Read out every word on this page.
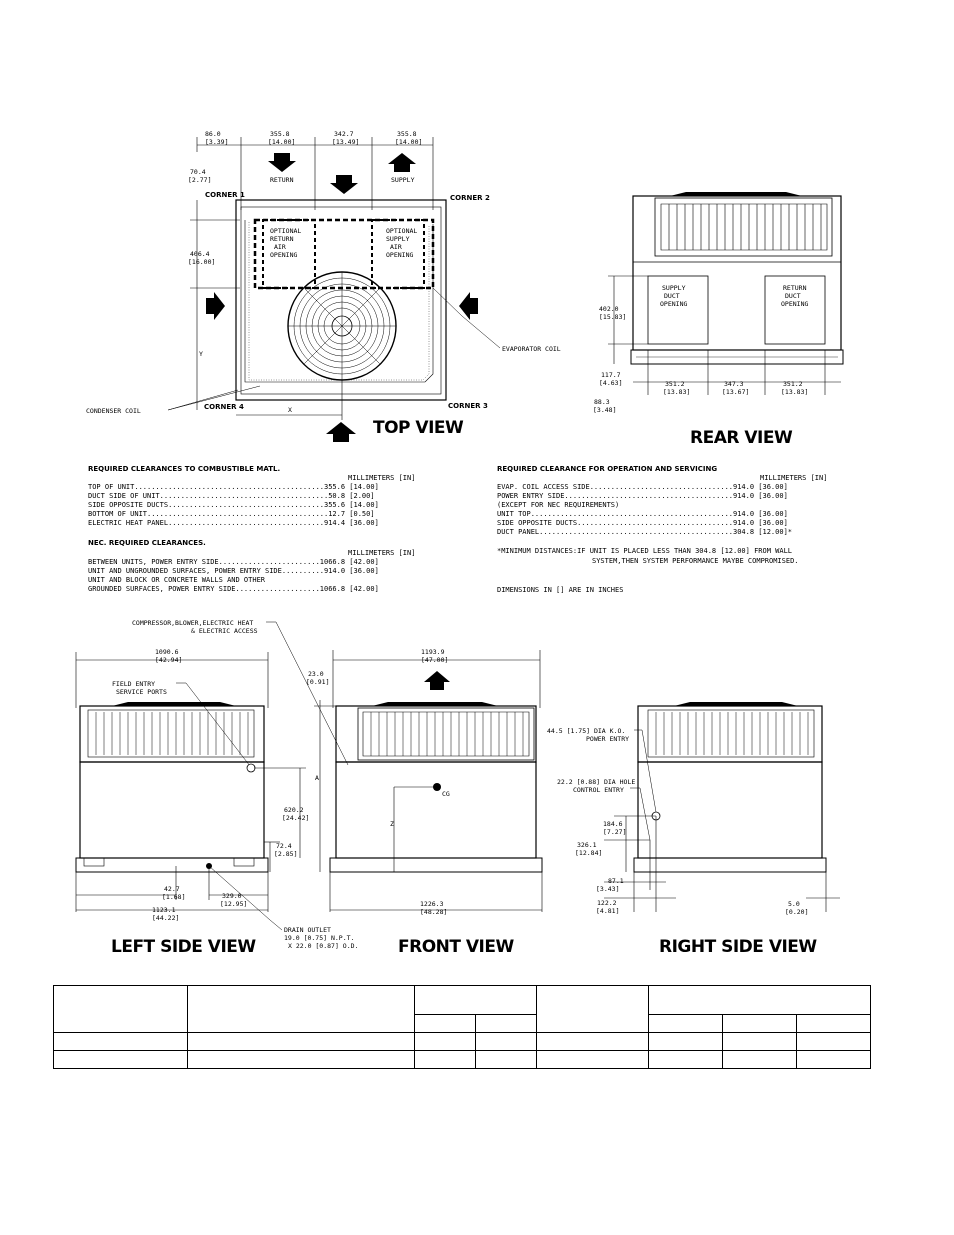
86.0
[3.39]
355.8
[14.00]
342.7
[13.49]
355.8
[14.00]
RETURN	SUPPLY
70.4
[2.77]
CORNER 1	CORNER 2
CORNER 3
CORNER 4
OPTIONAL
RETURN
AIR
OPENING
OPTIONAL
SUPPLY
AIR
OPENING
406.4
[16.00]
Y
X
EVAPORATOR COIL
CONDENSER COIL
TOP VIEW
SUPPLY
DUCT
OPENING
RETURN
DUCT
OPENING
402.0
[15.83]
117.7
[4.63]
88.3
[3.48]
351.2
[13.83]
347.3
[13.67]
351.2
[13.83]
REAR VIEW
REQUIRED CLEARANCES TO COMBUSTIBLE MATL.
MILLIMETERS [IN]
TOP OF UNIT.............................................355.6 [14.00]
DUCT SIDE OF UNIT........................................50.8 [2.00]
SIDE OPPOSITE DUCTS.....................................355.6 [14.00]
BOTTOM OF UNIT...........................................12.7 [0.50]
ELECTRIC HEAT PANEL.....................................914.4 [36.00]
NEC. REQUIRED CLEARANCES.
MILLIMETERS [IN]
BETWEEN UNITS, POWER ENTRY SIDE........................1066.8 [42.00]
UNIT AND UNGROUNDED SURFACES, POWER ENTRY SIDE..........914.0 [36.00]
UNIT AND BLOCK OR CONCRETE WALLS AND OTHER
GROUNDED SURFACES, POWER ENTRY SIDE....................1066.8 [42.00]
REQUIRED CLEARANCE FOR OPERATION AND SERVICING
MILLIMETERS [IN]
EVAP. COIL ACCESS SIDE..................................914.0 [36.00]
POWER ENTRY SIDE........................................914.0 [36.00]
(EXCEPT FOR NEC REQUIREMENTS)
UNIT TOP................................................914.0 [36.00]
SIDE OPPOSITE DUCTS.....................................914.0 [36.00]
DUCT PANEL..............................................304.8 [12.00]*
*MINIMUM DISTANCES:IF UNIT IS PLACED LESS THAN 304.8 [12.00] FROM WALL
SYSTEM,THEN SYSTEM PERFORMANCE MAYBE COMPROMISED.
DIMENSIONS IN [] ARE IN INCHES
1090.6
[42.94]
FIELD ENTRY
SERVICE PORTS
620.2
[24.42]
72.4
[2.85]
42.7
[1.68]	329.0
[12.95]
1123.1
[44.22]
LEFT SIDE VIEW
COMPRESSOR,BLOWER,ELECTRIC HEAT
& ELECTRIC ACCESS
DRAIN OUTLET
19.0 [0.75] N.P.T.
X 22.0 [0.87] O.D.
1193.9
[47.00]
23.0
[0.91]
A
CG
Z
1226.3
[48.28]
FRONT VIEW
44.5 [1.75] DIA K.O.
POWER ENTRY
22.2 [0.88] DIA HOLE
CONTROL ENTRY
184.6
[7.27]
326.1
[12.84]
87.1
[3.43]
122.2
[4.81]
5.0
[0.20]
RIGHT SIDE VIEW
